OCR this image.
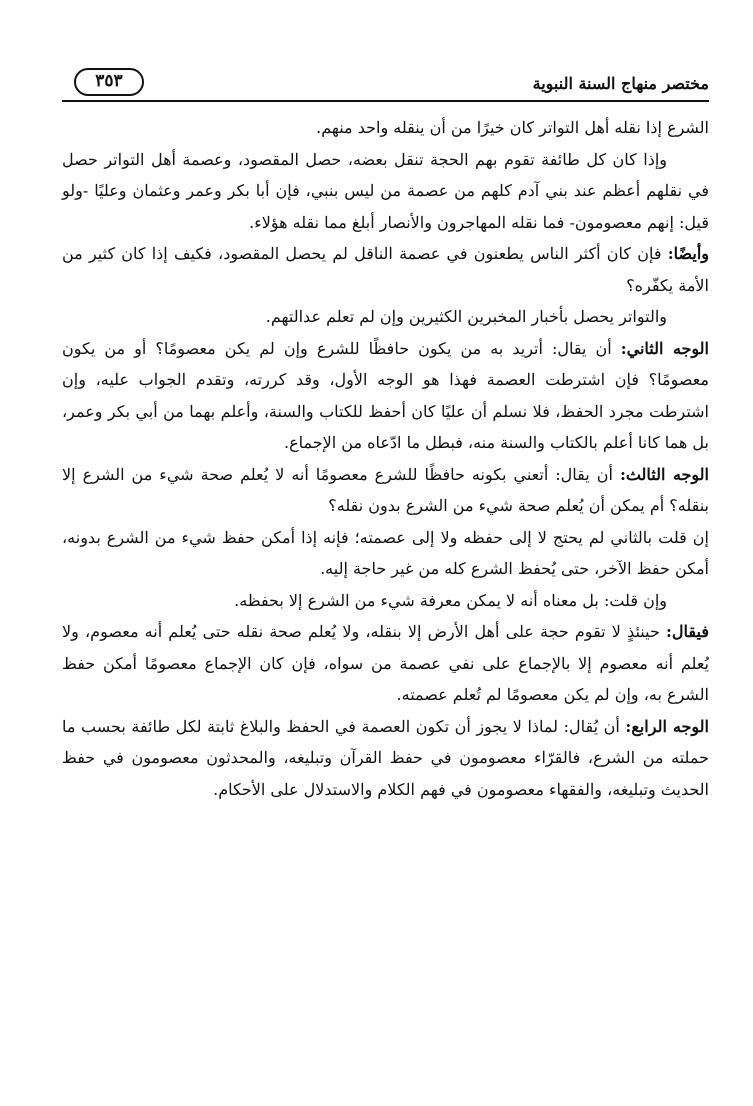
مختصر منهاج السنة النبوية
٣٥٣

الشرع إذا نقله أهل التواتر كان خيرًا من أن ينقله واحد منهم.

وإذا كان كل طائفة تقوم بهم الحجة تنقل بعضه، حصل المقصود، وعصمة أهل التواتر حصل في نقلهم أعظم عند بني آدم كلهم من عصمة من ليس بنبي، فإن أبا بكر وعمر وعثمان وعليًا -ولو قيل: إنهم معصومون- فما نقله المهاجرون والأنصار أبلغ مما نقله هؤلاء.

وأيضًا: فإن كان أكثر الناس يطعنون في عصمة الناقل لم يحصل المقصود، فكيف إذا كان كثير من الأمة يكفّره؟

والتواتر يحصل بأخبار المخبرين الكثيرين وإن لم تعلم عدالتهم.

الوجه الثاني: أن يقال: أتريد به من يكون حافظًا للشرع وإن لم يكن معصومًا؟ أو من يكون معصومًا؟ فإن اشترطت العصمة فهذا هو الوجه الأول، وقد كررته، وتقدم الجواب عليه، وإن اشترطت مجرد الحفظ، فلا نسلم أن عليًا كان أحفظ للكتاب والسنة، وأعلم بهما من أبي بكر وعمر، بل هما كانا أعلم بالكتاب والسنة منه، فبطل ما ادّعاه من الإجماع.

الوجه الثالث: أن يقال: أتعني بكونه حافظًا للشرع معصومًا أنه لا يُعلم صحة شيء من الشرع إلا بنقله؟ أم يمكن أن يُعلم صحة شيء من الشرع بدون نقله؟

إن قلت بالثاني لم يحتج لا إلى حفظه ولا إلى عصمته؛ فإنه إذا أمكن حفظ شيء من الشرع بدونه، أمكن حفظ الآخر، حتى يُحفظ الشرع كله من غير حاجة إليه.

وإن قلت: بل معناه أنه لا يمكن معرفة شيء من الشرع إلا بحفظه.

فيقال: حينئذٍ لا تقوم حجة على أهل الأرض إلا بنقله، ولا يُعلم صحة نقله حتى يُعلم أنه معصوم، ولا يُعلم أنه معصوم إلا بالإجماع على نفي عصمة من سواه، فإن كان الإجماع معصومًا أمكن حفظ الشرع به، وإن لم يكن معصومًا لم تُعلم عصمته.

الوجه الرابع: أن يُقال: لماذا لا يجوز أن تكون العصمة في الحفظ والبلاغ ثابتة لكل طائفة بحسب ما حملته من الشرع، فالقرّاء معصومون في حفظ القرآن وتبليغه، والمحدثون معصومون في حفظ الحديث وتبليغه، والفقهاء معصومون في فهم الكلام والاستدلال على الأحكام.
